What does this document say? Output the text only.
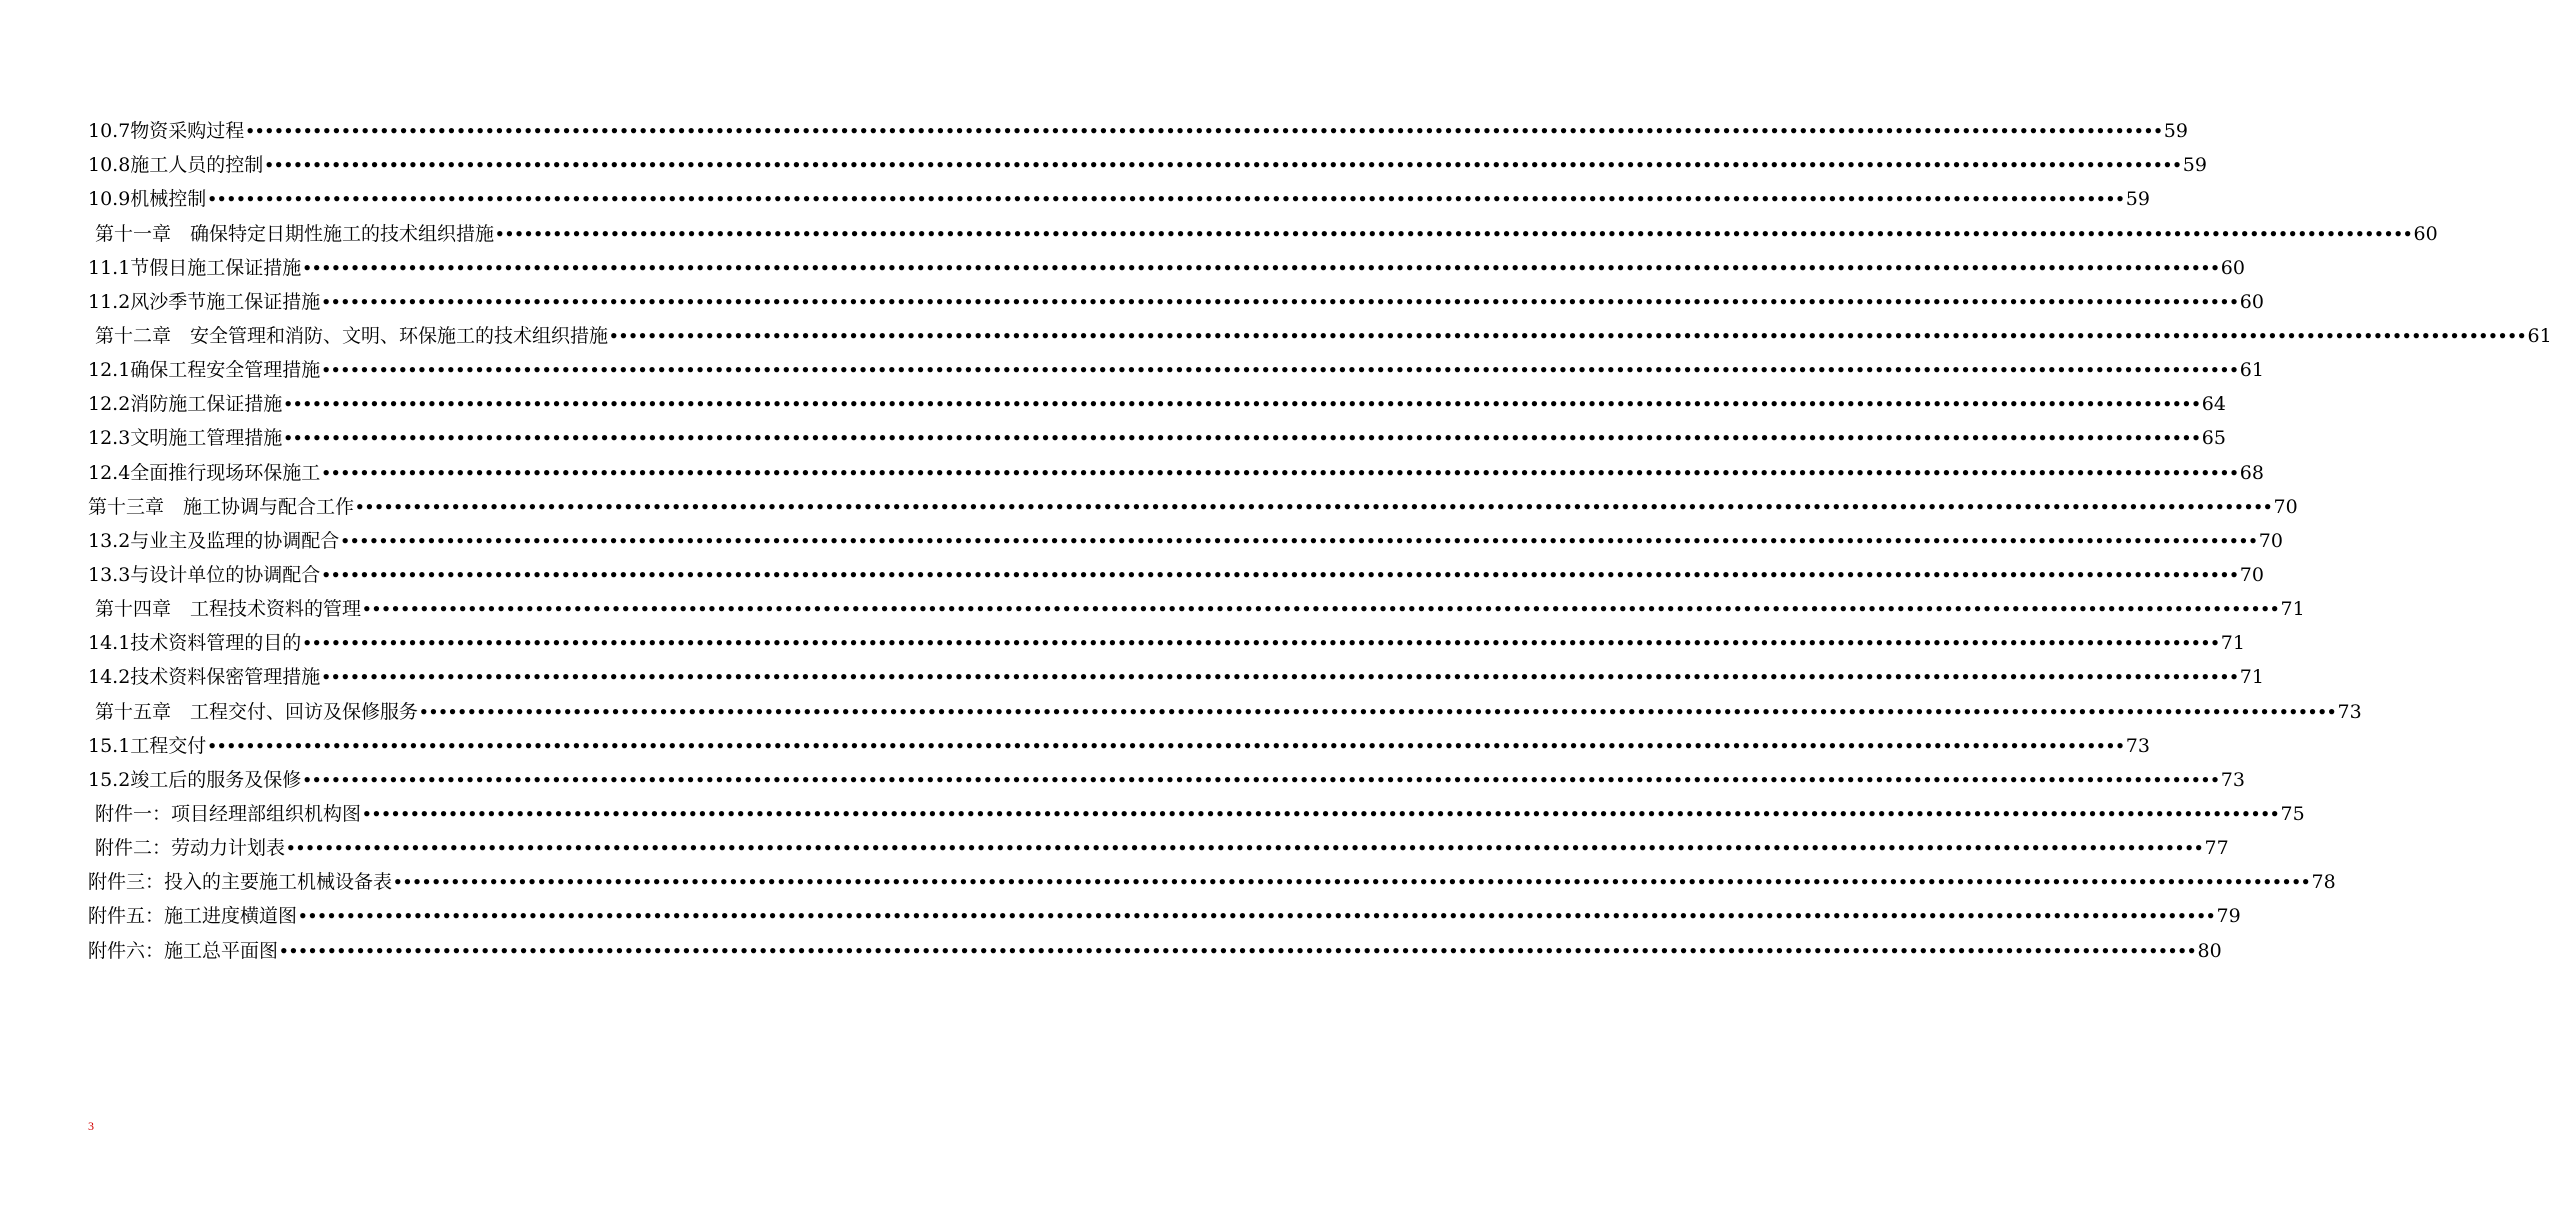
10.7物资采购过程 •••••••••••••••••••••••••••••••••••••••••••••••••••••••••••••••••••••••••••••••••••••••••••••••••••••••••••••••••••••••••••••••••••••••••••••••••••••••••••••••••••••••••••••••••••••••••••••••••••••••• 59
10.8施工人员的控制 •••••••••••••••••••••••••••••••••••••••••••••••••••••••••••••••••••••••••••••••••••••••••••••••••••••••••••••••••••••••••••••••••••••••••••••••••••••••••••••••••••••••••••••••••••••••••••••••••••••••• 59
10.9机械控制 •••••••••••••••••••••••••••••••••••••••••••••••••••••••••••••••••••••••••••••••••••••••••••••••••••••••••••••••••••••••••••••••••••••••••••••••••••••••••••••••••••••••••••••••••••••••••••••••••••••••• 59
第十一章　确保特定日期性施工的技术组织措施 •••••••••••••••••••••••••••••••••••••••••••••••••••••••••••••••••••••••••••••••••••••••••••••••••••••••••••••••••••••••••••••••••••••••••••••••••••••••••••••••••••••••••••••••••••••••••••••••••••••••• 60
11.1节假日施工保证措施 •••••••••••••••••••••••••••••••••••••••••••••••••••••••••••••••••••••••••••••••••••••••••••••••••••••••••••••••••••••••••••••••••••••••••••••••••••••••••••••••••••••••••••••••••••••••••••••••••••••••• 60
11.2风沙季节施工保证措施 •••••••••••••••••••••••••••••••••••••••••••••••••••••••••••••••••••••••••••••••••••••••••••••••••••••••••••••••••••••••••••••••••••••••••••••••••••••••••••••••••••••••••••••••••••••••••••••••••••••••• 60
第十二章　安全管理和消防、文明、环保施工的技术组织措施 •••••••••••••••••••••••••••••••••••••••••••••••••••••••••••••••••••••••••••••••••••••••••••••••••••••••••••••••••••••••••••••••••••••••••••••••••••••••••••••••••••••••••••••••••••••••••••••••••••••••• 61
12.1确保工程安全管理措施 •••••••••••••••••••••••••••••••••••••••••••••••••••••••••••••••••••••••••••••••••••••••••••••••••••••••••••••••••••••••••••••••••••••••••••••••••••••••••••••••••••••••••••••••••••••••••••••••••••••••• 61
12.2消防施工保证措施 •••••••••••••••••••••••••••••••••••••••••••••••••••••••••••••••••••••••••••••••••••••••••••••••••••••••••••••••••••••••••••••••••••••••••••••••••••••••••••••••••••••••••••••••••••••••••••••••••••••••• 64
12.3文明施工管理措施 •••••••••••••••••••••••••••••••••••••••••••••••••••••••••••••••••••••••••••••••••••••••••••••••••••••••••••••••••••••••••••••••••••••••••••••••••••••••••••••••••••••••••••••••••••••••••••••••••••••••• 65
12.4全面推行现场环保施工 •••••••••••••••••••••••••••••••••••••••••••••••••••••••••••••••••••••••••••••••••••••••••••••••••••••••••••••••••••••••••••••••••••••••••••••••••••••••••••••••••••••••••••••••••••••••••••••••••••••••• 68
第十三章　施工协调与配合工作 •••••••••••••••••••••••••••••••••••••••••••••••••••••••••••••••••••••••••••••••••••••••••••••••••••••••••••••••••••••••••••••••••••••••••••••••••••••••••••••••••••••••••••••••••••••••••••••••••••••••• 70
13.2与业主及监理的协调配合 •••••••••••••••••••••••••••••••••••••••••••••••••••••••••••••••••••••••••••••••••••••••••••••••••••••••••••••••••••••••••••••••••••••••••••••••••••••••••••••••••••••••••••••••••••••••••••••••••••••••• 70
13.3与设计单位的协调配合 •••••••••••••••••••••••••••••••••••••••••••••••••••••••••••••••••••••••••••••••••••••••••••••••••••••••••••••••••••••••••••••••••••••••••••••••••••••••••••••••••••••••••••••••••••••••••••••••••••••••• 70
第十四章　工程技术资料的管理 •••••••••••••••••••••••••••••••••••••••••••••••••••••••••••••••••••••••••••••••••••••••••••••••••••••••••••••••••••••••••••••••••••••••••••••••••••••••••••••••••••••••••••••••••••••••••••••••••••••••• 71
14.1技术资料管理的目的 •••••••••••••••••••••••••••••••••••••••••••••••••••••••••••••••••••••••••••••••••••••••••••••••••••••••••••••••••••••••••••••••••••••••••••••••••••••••••••••••••••••••••••••••••••••••••••••••••••••••• 71
14.2技术资料保密管理措施 •••••••••••••••••••••••••••••••••••••••••••••••••••••••••••••••••••••••••••••••••••••••••••••••••••••••••••••••••••••••••••••••••••••••••••••••••••••••••••••••••••••••••••••••••••••••••••••••••••••••• 71
第十五章　工程交付、回访及保修服务 •••••••••••••••••••••••••••••••••••••••••••••••••••••••••••••••••••••••••••••••••••••••••••••••••••••••••••••••••••••••••••••••••••••••••••••••••••••••••••••••••••••••••••••••••••••••••••••••••••••••• 73
15.1工程交付 •••••••••••••••••••••••••••••••••••••••••••••••••••••••••••••••••••••••••••••••••••••••••••••••••••••••••••••••••••••••••••••••••••••••••••••••••••••••••••••••••••••••••••••••••••••••••••••••••••••••• 73
15.2竣工后的服务及保修 •••••••••••••••••••••••••••••••••••••••••••••••••••••••••••••••••••••••••••••••••••••••••••••••••••••••••••••••••••••••••••••••••••••••••••••••••••••••••••••••••••••••••••••••••••••••••••••••••••••••• 73
附件一：项目经理部组织机构图 •••••••••••••••••••••••••••••••••••••••••••••••••••••••••••••••••••••••••••••••••••••••••••••••••••••••••••••••••••••••••••••••••••••••••••••••••••••••••••••••••••••••••••••••••••••••••••••••••••••••• 75
附件二：劳动力计划表 •••••••••••••••••••••••••••••••••••••••••••••••••••••••••••••••••••••••••••••••••••••••••••••••••••••••••••••••••••••••••••••••••••••••••••••••••••••••••••••••••••••••••••••••••••••••••••••••••••••••• 77
附件三：投入的主要施工机械设备表 •••••••••••••••••••••••••••••••••••••••••••••••••••••••••••••••••••••••••••••••••••••••••••••••••••••••••••••••••••••••••••••••••••••••••••••••••••••••••••••••••••••••••••••••••••••••••••••••••••••••• 78
附件五：施工进度横道图 •••••••••••••••••••••••••••••••••••••••••••••••••••••••••••••••••••••••••••••••••••••••••••••••••••••••••••••••••••••••••••••••••••••••••••••••••••••••••••••••••••••••••••••••••••••••••••••••••••••••• 79
附件六：施工总平面图 •••••••••••••••••••••••••••••••••••••••••••••••••••••••••••••••••••••••••••••••••••••••••••••••••••••••••••••••••••••••••••••••••••••••••••••••••••••••••••••••••••••••••••••••••••••••••••••••••••••••• 80
3
